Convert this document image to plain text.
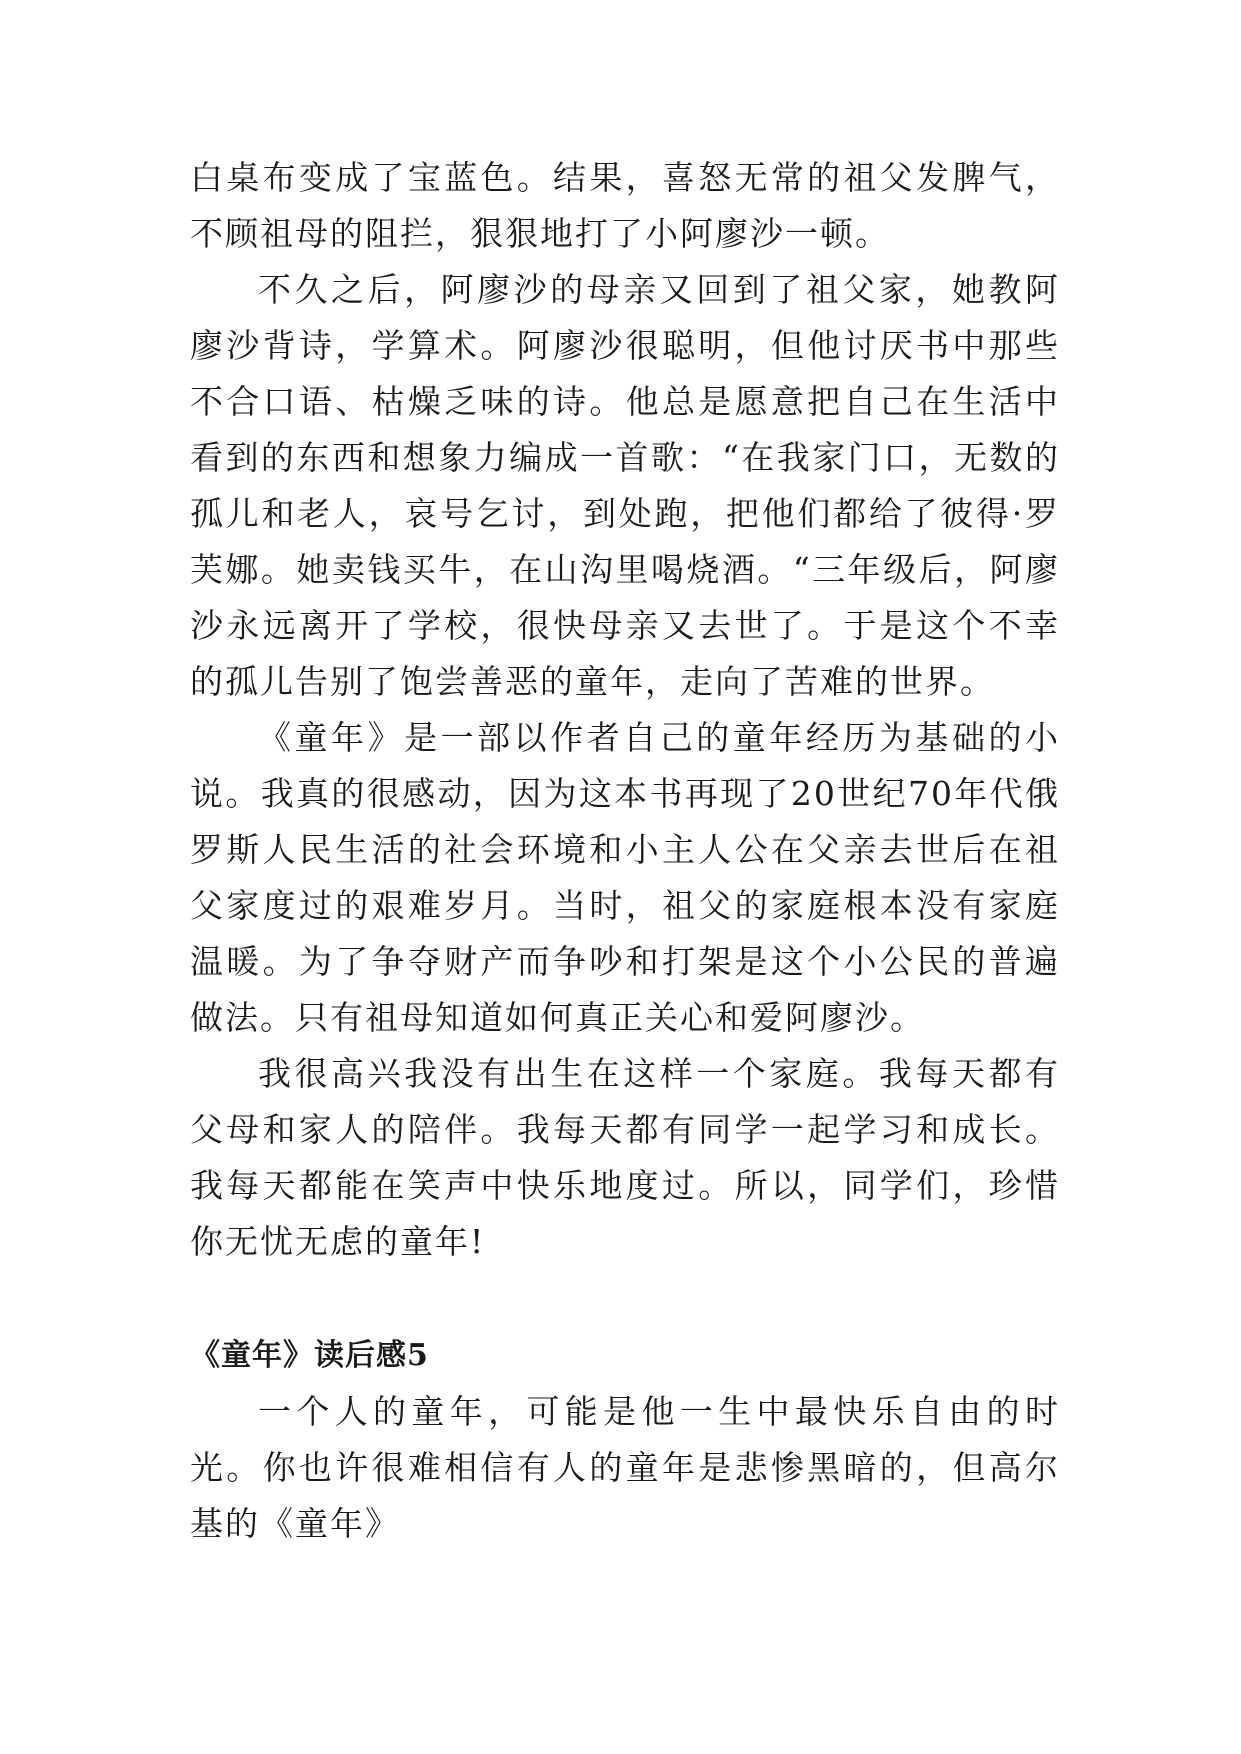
白桌布变成了宝蓝色。结果，喜怒无常的祖父发脾气，不顾祖母的阻拦，狠狠地打了小阿廖沙一顿。

不久之后，阿廖沙的母亲又回到了祖父家，她教阿廖沙背诗，学算术。阿廖沙很聪明，但他讨厌书中那些不合口语、枯燥乏味的诗。他总是愿意把自己在生活中看到的东西和想象力编成一首歌：“在我家门口，无数的孤儿和老人，哀号乞讨，到处跑，把他们都给了彼得·罗芙娜。她卖钱买牛，在山沟里喝烧酒。“三年级后，阿廖沙永远离开了学校，很快母亲又去世了。于是这个不幸的孤儿告别了饱尝善恶的童年，走向了苦难的世界。

《童年》是一部以作者自己的童年经历为基础的小说。我真的很感动，因为这本书再现了20世纪70年代俄罗斯人民生活的社会环境和小主人公在父亲去世后在祖父家度过的艰难岁月。当时，祖父的家庭根本没有家庭温暖。为了争夺财产而争吵和打架是这个小公民的普遍做法。只有祖母知道如何真正关心和爱阿廖沙。

我很高兴我没有出生在这样一个家庭。我每天都有父母和家人的陪伴。我每天都有同学一起学习和成长。我每天都能在笑声中快乐地度过。所以，同学们，珍惜你无忧无虑的童年!

《童年》读后感5

一个人的童年，可能是他一生中最快乐自由的时光。你也许很难相信有人的童年是悲惨黑暗的，但高尔基的《童年》
